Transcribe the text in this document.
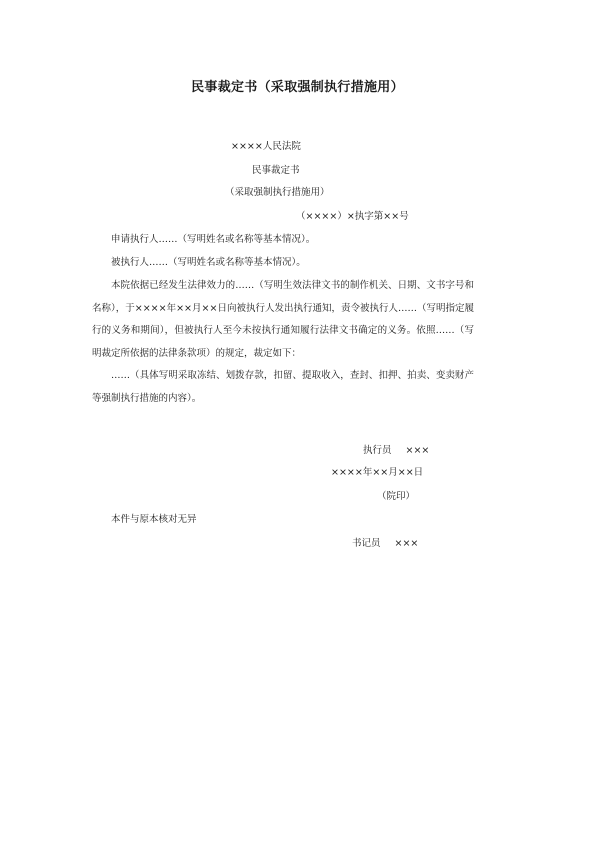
民事裁定书（采取强制执行措施用）
××××人民法院
民事裁定书
（采取强制执行措施用）
（××××）×执字第××号
申请执行人……（写明姓名或名称等基本情况）。
被执行人……（写明姓名或名称等基本情况）。
本院依据已经发生法律效力的……（写明生效法律文书的制作机关、日期、文书字号和名称），于××××年××月××日向被执行人发出执行通知，责令被执行人……（写明指定履行的义务和期间），但被执行人至今未按执行通知履行法律文书确定的义务。依照……（写明裁定所依据的法律条款项）的规定，裁定如下：
……（具体写明采取冻结、划拨存款，扣留、提取收入，查封、扣押、拍卖、变卖财产等强制执行措施的内容）。
执行员 ×××
××××年××月××日
（院印）
本件与原本核对无异
书记员 ×××
